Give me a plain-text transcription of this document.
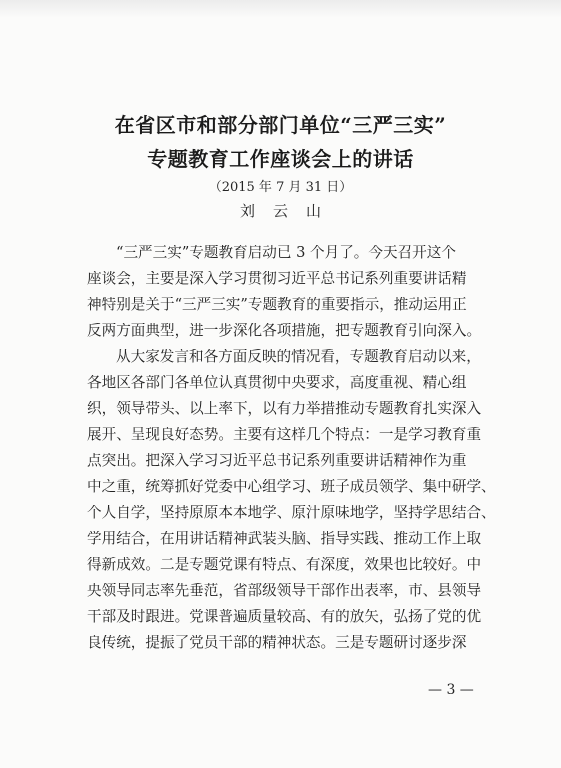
在省区市和部分部门单位“三严三实”
专题教育工作座谈会上的讲话
（2015 年 7 月 31 日）
刘云山
“三严三实”专题教育启动已 3 个月了。今天召开这个
座谈会，主要是深入学习贯彻习近平总书记系列重要讲话精
神特别是关于“三严三实”专题教育的重要指示，推动运用正
反两方面典型，进一步深化各项措施，把专题教育引向深入。
从大家发言和各方面反映的情况看，专题教育启动以来，
各地区各部门各单位认真贯彻中央要求，高度重视、精心组
织，领导带头、以上率下，以有力举措推动专题教育扎实深入
展开、呈现良好态势。主要有这样几个特点：一是学习教育重
点突出。把深入学习习近平总书记系列重要讲话精神作为重
中之重，统筹抓好党委中心组学习、班子成员领学、集中研学、
个人自学，坚持原原本本地学、原汁原味地学，坚持学思结合、
学用结合，在用讲话精神武装头脑、指导实践、推动工作上取
得新成效。二是专题党课有特点、有深度，效果也比较好。中
央领导同志率先垂范，省部级领导干部作出表率，市、县领导
干部及时跟进。党课普遍质量较高、有的放矢，弘扬了党的优
良传统，提振了党员干部的精神状态。三是专题研讨逐步深
— 3 —
